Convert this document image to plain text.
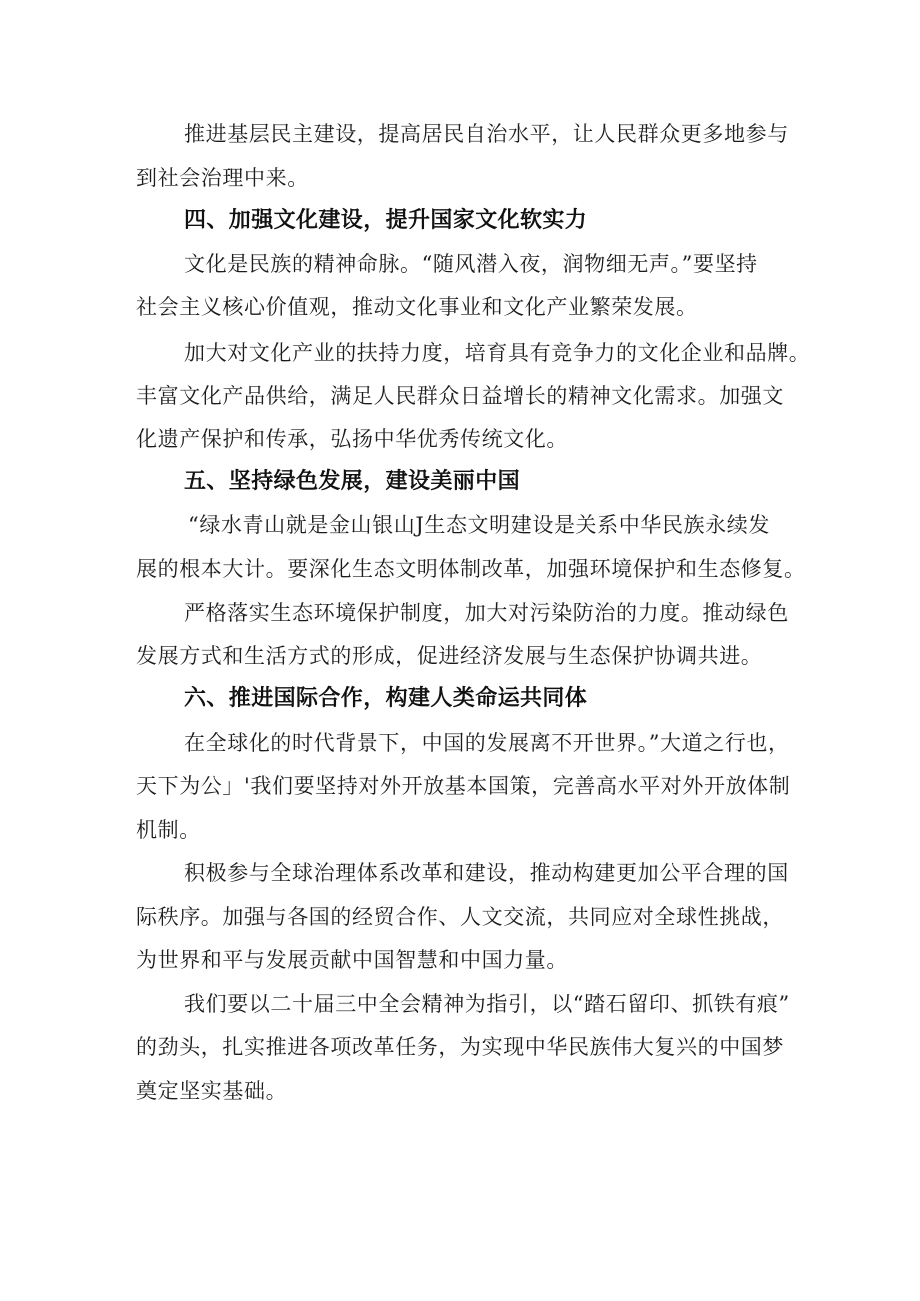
推进基层民主建设，提高居民自治水平，让人民群众更多地参与
到社会治理中来。
四、加强文化建设，提升国家文化软实力
文化是民族的精神命脉。“随风潜入夜，润物细无声。”要坚持
社会主义核心价值观，推动文化事业和文化产业繁荣发展。
加大对文化产业的扶持力度，培育具有竞争力的文化企业和品牌。
丰富文化产品供给，满足人民群众日益增长的精神文化需求。加强文
化遗产保护和传承，弘扬中华优秀传统文化。
五、坚持绿色发展，建设美丽中国
“绿水青山就是金山银山J生态文明建设是关系中华民族永续发
展的根本大计。要深化生态文明体制改革，加强环境保护和生态修复。
严格落实生态环境保护制度，加大对污染防治的力度。推动绿色
发展方式和生活方式的形成，促进经济发展与生态保护协调共进。
六、推进国际合作，构建人类命运共同体
在全球化的时代背景下，中国的发展离不开世界。”大道之行也，
天下为公」'我们要坚持对外开放基本国策，完善高水平对外开放体制
机制。
积极参与全球治理体系改革和建设，推动构建更加公平合理的国
际秩序。加强与各国的经贸合作、人文交流，共同应对全球性挑战，
为世界和平与发展贡献中国智慧和中国力量。
我们要以二十届三中全会精神为指引，以“踏石留印、抓铁有痕”
的劲头，扎实推进各项改革任务，为实现中华民族伟大复兴的中国梦
奠定坚实基础。
